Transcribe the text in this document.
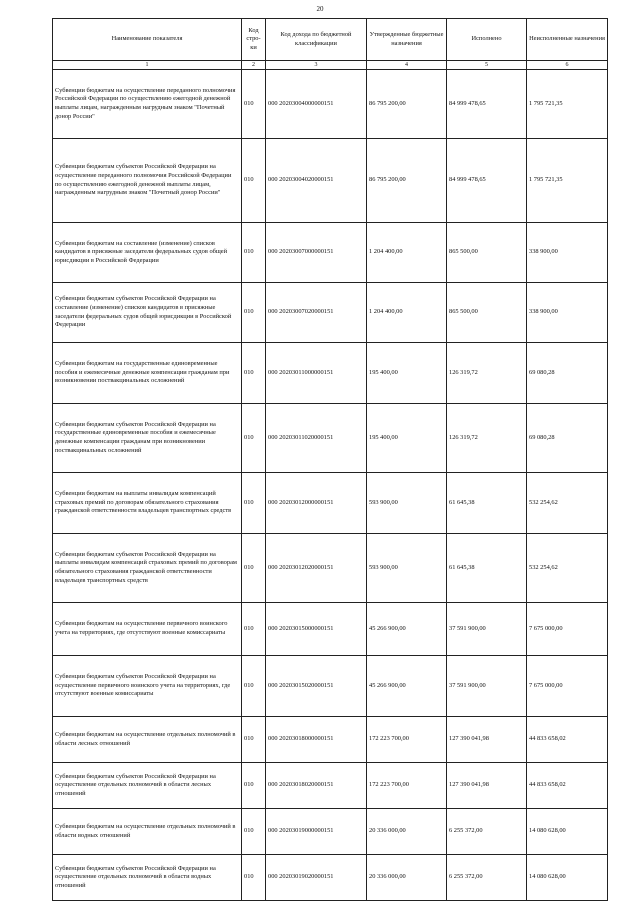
20
Наименование показателя	Код стро-ки	Код дохода по бюджетной классификации	Утвержденные бюджетные назначения	Исполнено	Неисполненные назначения
1	2	3	4	5	6
Субвенции бюджетам на осуществление переданного полномочия Российской Федерации по осуществлению ежегодной денежной выплаты лицам, награжденным нагрудным знаком "Почетный донор России"	010	000 20203004000000151	86 795 200,00	84 999 478,65	1 795 721,35
Субвенции бюджетам субъектов Российской Федерации на осуществление переданного полномочия Российской Федерации по осуществлению ежегодной денежной выплаты лицам, награжденным нагрудным знаком "Почетный донор России"	010	000 20203004020000151	86 795 200,00	84 999 478,65	1 795 721,35
Субвенции бюджетам на составление (изменение) списков кандидатов в присяжные заседатели федеральных судов общей юрисдикции в Российской Федерации	010	000 20203007000000151	1 204 400,00	865 500,00	338 900,00
Субвенции бюджетам субъектов Российской Федерации на составление (изменение) списков кандидатов в присяжные заседатели федеральных судов общей юрисдикции в Российской Федерации	010	000 20203007020000151	1 204 400,00	865 500,00	338 900,00
Субвенции бюджетам на государственные единовременные пособия и ежемесячные денежные компенсации гражданам при возникновении поствакцинальных осложнений	010	000 20203011000000151	195 400,00	126 319,72	69 080,28
Субвенции бюджетам субъектов Российской Федерации на государственные единовременные пособия и ежемесячные денежные компенсации гражданам при возникновении поствакцинальных осложнений	010	000 20203011020000151	195 400,00	126 319,72	69 080,28
Субвенции бюджетам на выплаты инвалидам компенсаций страховых премий по договорам обязательного страхования гражданской ответственности владельцев транспортных средств	010	000 20203012000000151	593 900,00	61 645,38	532 254,62
Субвенции бюджетам субъектов Российской Федерации на выплаты инвалидам компенсаций страховых премий по договорам обязательного страхования гражданской ответственности владельцев транспортных средств	010	000 20203012020000151	593 900,00	61 645,38	532 254,62
Субвенции бюджетам на осуществление первичного воинского учета на территориях, где отсутствуют военные комиссариаты	010	000 20203015000000151	45 266 900,00	37 591 900,00	7 675 000,00
Субвенции бюджетам субъектов Российской Федерации на осуществление первичного воинского учета на территориях, где отсутствуют военные комиссариаты	010	000 20203015020000151	45 266 900,00	37 591 900,00	7 675 000,00
Субвенции бюджетам на осуществление отдельных полномочий в области лесных отношений	010	000 20203018000000151	172 223 700,00	127 390 041,98	44 833 658,02
Субвенции бюджетам субъектов Российской Федерации на осуществление отдельных полномочий в области лесных отношений	010	000 20203018020000151	172 223 700,00	127 390 041,98	44 833 658,02
Субвенции бюджетам на осуществление отдельных полномочий в области водных отношений	010	000 20203019000000151	20 336 000,00	6 255 372,00	14 080 628,00
Субвенции бюджетам субъектов Российской Федерации на осуществление отдельных полномочий в области водных отношений	010	000 20203019020000151	20 336 000,00	6 255 372,00	14 080 628,00
